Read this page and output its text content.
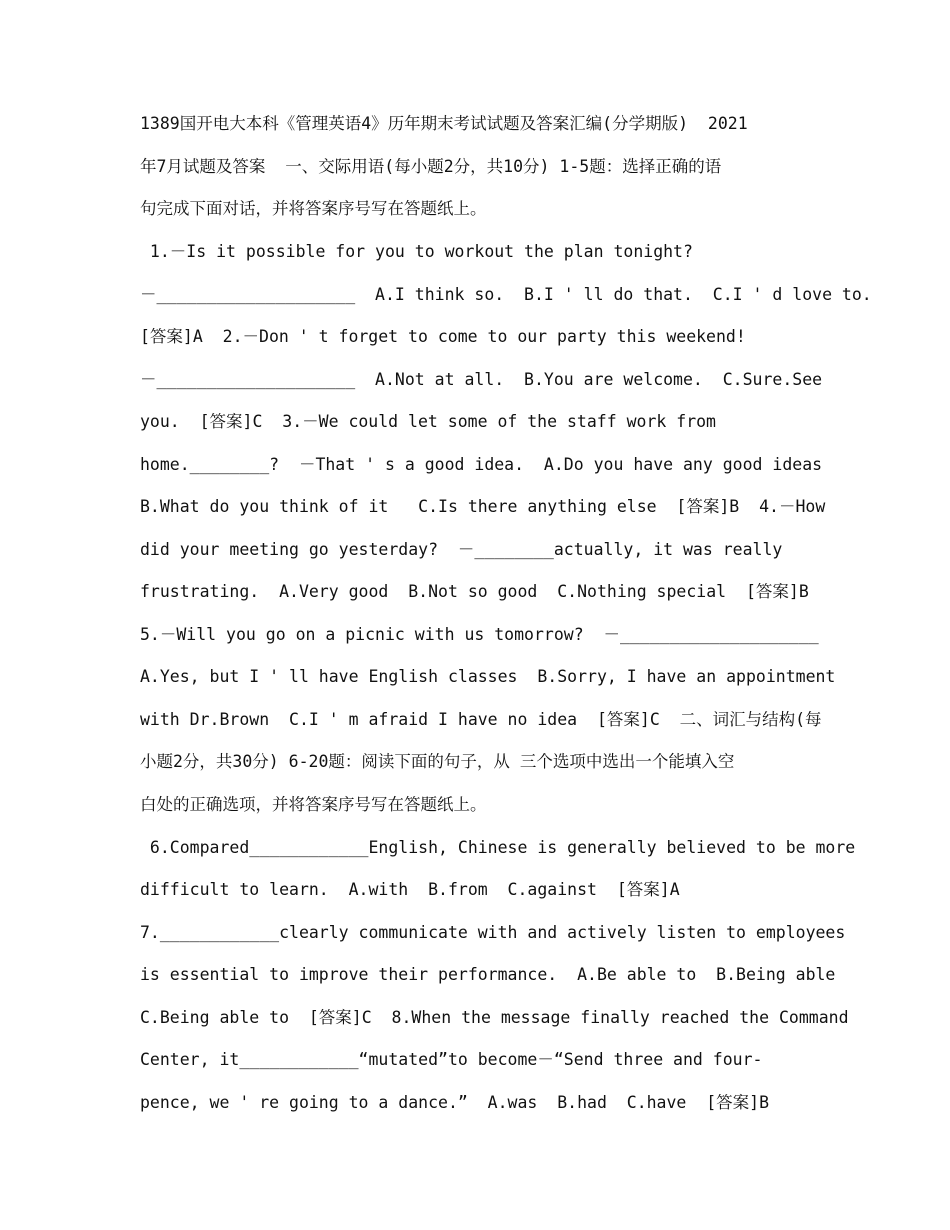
1389国开电大本科《管理英语4》历年期末考试试题及答案汇编(分学期版)  2021
年7月试题及答案  一、交际用语(每小题2分，共10分) 1-5题：选择正确的语
句完成下面对话，并将答案序号写在答题纸上。
1.－Is it possible for you to workout the plan tonight?
－____________________  A.I think so.  B.I ' ll do that.  C.I ' d love to.
[答案]A  2.－Don ' t forget to come to our party this weekend!
－____________________  A.Not at all.  B.You are welcome.  C.Sure.See
you.  [答案]C  3.－We could let some of the staff work from
home.________?  －That ' s a good idea.  A.Do you have any good ideas
B.What do you think of it   C.Is there anything else  [答案]B  4.－How
did your meeting go yesterday?  －________actually, it was really
frustrating.  A.Very good  B.Not so good  C.Nothing special  [答案]B
5.－Will you go on a picnic with us tomorrow?  －____________________
A.Yes, but I ' ll have English classes  B.Sorry, I have an appointment
with Dr.Brown  C.I ' m afraid I have no idea  [答案]C  二、词汇与结构(每
小题2分，共30分) 6-20题：阅读下面的句子，从 三个选项中选出一个能填入空
白处的正确选项，并将答案序号写在答题纸上。
6.Compared____________English, Chinese is generally believed to be more
difficult to learn.  A.with  B.from  C.against  [答案]A
7.____________clearly communicate with and actively listen to employees
is essential to improve their performance.  A.Be able to  B.Being able
C.Being able to  [答案]C  8.When the message finally reached the Command
Center, it____________“mutated”to become－“Send three and four-
pence, we ' re going to a dance.”  A.was  B.had  C.have  [答案]B
